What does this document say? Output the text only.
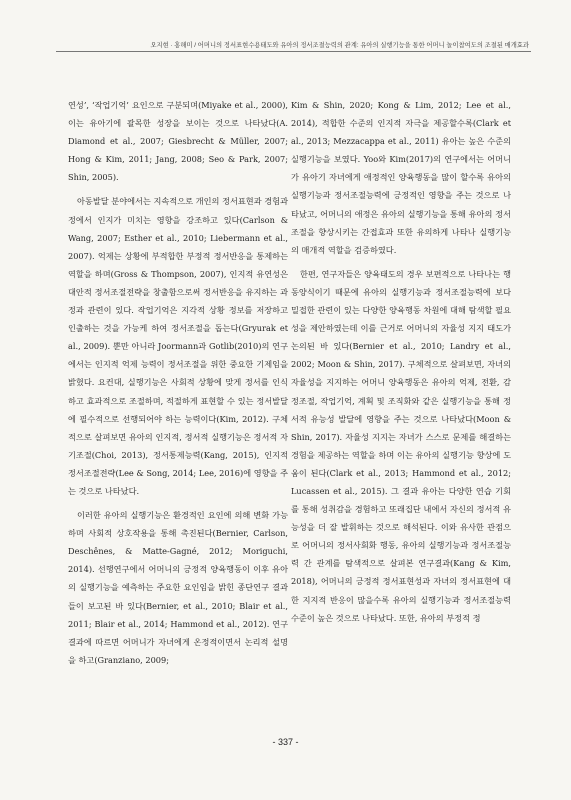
오지현 · 홍해미 / 어머니의 정서표현수용태도와 유아의 정서조절능력의 관계: 유아의 실행기능을 통한 어머니 놀이참여도의 조절된 매개효과

연성’, ‘작업기억’ 요인으로 구분되며(Miyake et al., 2000), 이는 유아기에 괄목한 성장을 보이는 것으로 나타났다(A. Diamond et al., 2007; Giesbrecht & Müller, 2007; Hong & Kim, 2011; Jang, 2008; Seo & Park, 2007; Shin, 2005).

아동발달 분야에서는 지속적으로 개인의 정서표현과 경험과정에서 인지가 미치는 영향을 강조하고 있다(Carlson & Wang, 2007; Esther et al., 2010; Liebermann et al., 2007). 억제는 상황에 부적합한 부정적 정서반응을 통제하는 역할을 하며(Gross & Thompson, 2007), 인지적 유연성은 대안적 정서조절전략을 창출함으로써 정서반응을 유지하는 과정과 관련이 있다. 작업기억은 지각적 상황 정보를 저장하고 인출하는 것을 가능케 하여 정서조절을 돕는다(Gryurak et al., 2009). 뿐만 아니라 Joormann과 Gotlib(2010)의 연구에서는 인지적 억제 능력이 정서조절을 위한 중요한 기제임을 밝혔다. 요컨대, 실행기능은 사회적 상황에 맞게 정서를 인식하고 효과적으로 조절하며, 적절하게 표현할 수 있는 정서발달에 필수적으로 선행되어야 하는 능력이다(Kim, 2012). 구체적으로 살펴보면 유아의 인지적, 정서적 실행기능은 정서적 자기조절(Choi, 2013), 정서통제능력(Kang, 2015), 인지적 정서조절전략(Lee & Song, 2014; Lee, 2016)에 영향을 주는 것으로 나타났다.

이러한 유아의 실행기능은 환경적인 요인에 의해 변화 가능하며 사회적 상호작용을 통해 촉진된다(Bernier, Carlson, Deschênes, & Matte-Gagné, 2012; Moriguchi, 2014). 선행연구에서 어머니의 긍정적 양육행동이 이후 유아의 실행기능을 예측하는 주요한 요인임을 밝힌 종단연구 결과들이 보고된 바 있다(Bernier, et al., 2010; Blair et al., 2011; Blair et al., 2014; Hammond et al., 2012). 연구결과에 따르면 어머니가 자녀에게 온정적이면서 논리적 설명을 하고(Granziano, 2009;

Kim & Shin, 2020; Kong & Lim, 2012; Lee et al., 2014), 적합한 수준의 인지적 자극을 제공할수록(Clark et al., 2013; Mezzacappa et al., 2011) 유아는 높은 수준의 실행기능을 보였다. Yoo와 Kim(2017)의 연구에서는 어머니가 유아기 자녀에게 애정적인 양육행동을 많이 할수록 유아의 실행기능과 정서조절능력에 긍정적인 영향을 주는 것으로 나타났고, 어머니의 애정은 유아의 실행기능을 통해 유아의 정서조절을 향상시키는 간접효과 또한 유의하게 나타나 실행기능의 매개적 역할을 검증하였다.

한편, 연구자들은 양육태도의 경우 보편적으로 나타나는 행동양식이기 때문에 유아의 실행기능과 정서조절능력에 보다 밀접한 관련이 있는 다양한 양육행동 차원에 대해 탐색할 필요성을 제안하였는데 이를 근거로 어머니의 자율성 지지 태도가 논의된 바 있다(Bernier et al., 2010; Landry et al., 2002; Moon & Shin, 2017). 구체적으로 살펴보면, 자녀의 자율성을 지지하는 어머니 양육행동은 유아의 억제, 전환, 감정조절, 작업기억, 계획 및 조직화와 같은 실행기능을 통해 정서적 유능성 발달에 영향을 주는 것으로 나타났다(Moon & Shin, 2017). 자율성 지지는 자녀가 스스로 문제를 해결하는 경험을 제공하는 역할을 하며 이는 유아의 실행기능 향상에 도움이 된다(Clark et al., 2013; Hammond et al., 2012; Lucassen et al., 2015). 그 결과 유아는 다양한 연습 기회를 통해 성취감을 경험하고 또래집단 내에서 자신의 정서적 유능성을 더 잘 발휘하는 것으로 해석된다. 이와 유사한 관점으로 어머니의 정서사회화 행동, 유아의 실행기능과 정서조절능력 간 관계를 탐색적으로 살펴본 연구결과(Kang & Kim, 2018), 어머니의 긍정적 정서표현성과 자녀의 정서표현에 대한 지지적 반응이 많을수록 유아의 실행기능과 정서조절능력 수준이 높은 것으로 나타났다. 또한, 유아의 부정적 정

- 337 -
